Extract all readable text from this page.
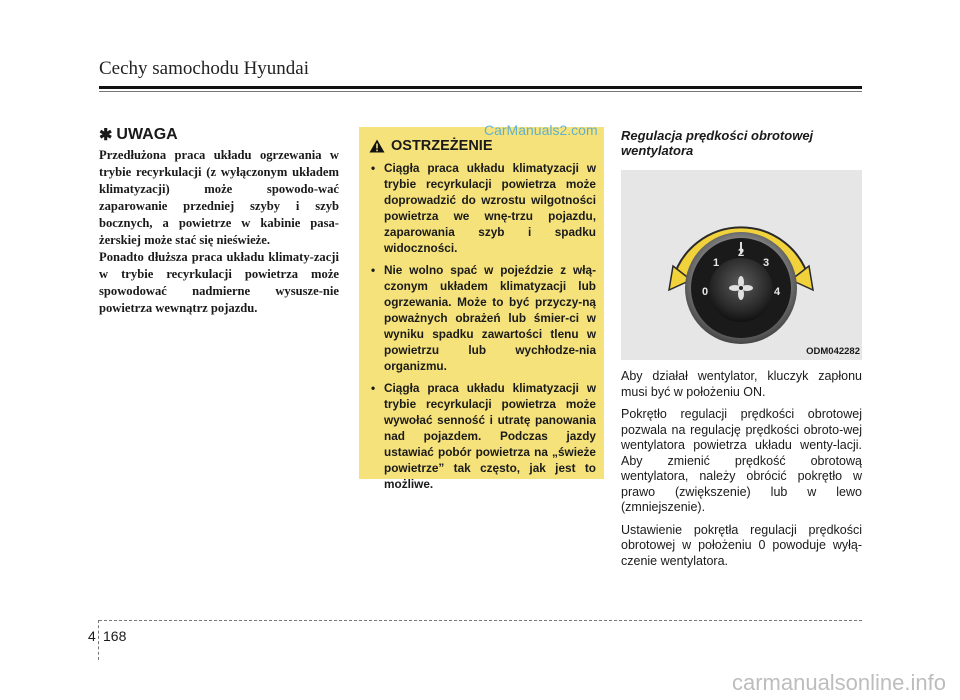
Cechy samochodu Hyundai
✱ UWAGA

Przedłużona praca układu ogrzewania w trybie recyrkulacji (z wyłączonym układem klimatyzacji) może spowodo-wać zaparowanie przedniej szyby i szyb bocznych, a powietrze w kabinie pasa-żerskiej może stać się nieświeże.

Ponadto dłuższa praca układu klimaty-zacji w trybie recyrkulacji powietrza może spowodować nadmierne wysusze-nie powietrza wewnątrz pojazdu.

OSTRZEŻENIE
• Ciągła praca układu klimatyzacji w trybie recyrkulacji powietrza może doprowadzić do wzrostu wilgotności powietrza we wnę-trzu pojazdu, zaparowania szyb i spadku widoczności.
• Nie wolno spać w pojeździe z włą-czonym układem klimatyzacji lub ogrzewania. Może to być przyczy-ną poważnych obrażeń lub śmier-ci w wyniku spadku zawartości tlenu w powietrzu lub wychłodze-nia organizmu.
• Ciągła praca układu klimatyzacji w trybie recyrkulacji powietrza może wywołać senność i utratę panowania nad pojazdem. Podczas jazdy ustawiać pobór powietrza na „świeże powietrze” tak często, jak jest to możliwe.
CarManuals2.com Regulacja prędkości obrotowej wentylatora

0
1
2
3
4
ODM042282

Aby działał wentylator, kluczyk zapłonu musi być w położeniu ON.

Pokrętło regulacji prędkości obrotowej pozwala na regulację prędkości obroto-wej wentylatora powietrza układu wenty-lacji. Aby zmienić prędkość obrotową wentylatora, należy obrócić pokrętło w prawo (zwiększenie) lub w lewo (zmniejszenie).

Ustawienie pokrętła regulacji prędkości obrotowej w położeniu 0 powoduje wyłą-czenie wentylatora.

4 168
carmanualsonline.info
